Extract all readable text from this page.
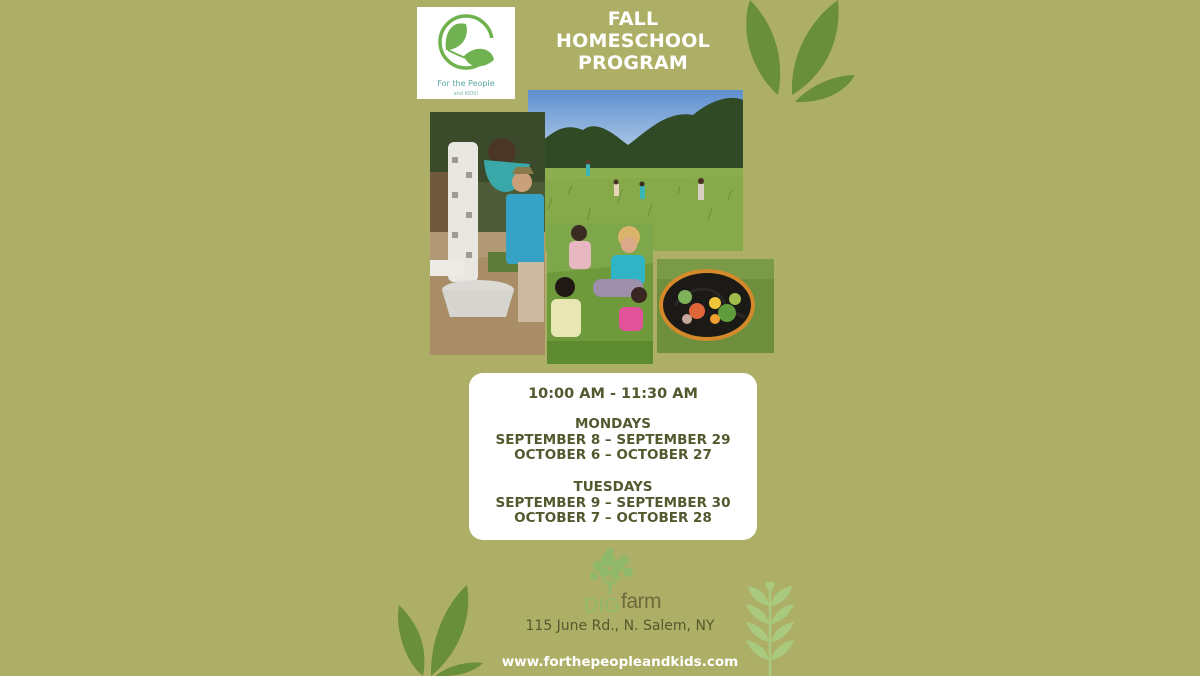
For the People
and KIDS!
FALL
HOMESCHOOL
PROGRAM
10:00 AM - 11:30 AM
MONDAYS
SEPTEMBER 8 – SEPTEMBER 29
OCTOBER 6 – OCTOBER 27
TUESDAYS
SEPTEMBER 9 – SEPTEMBER 30
OCTOBER 7 – OCTOBER 28
DIG farm
115 June Rd., N. Salem, NY
www.forthepeopleandkids.com
